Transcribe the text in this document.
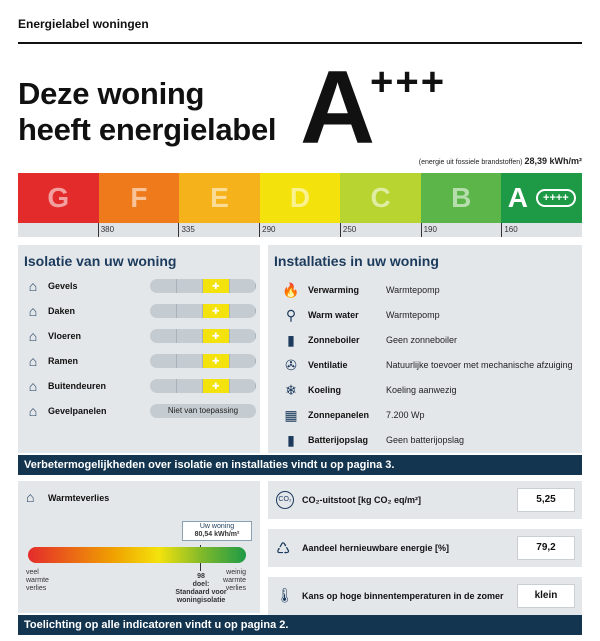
Energielabel woningen
Deze woning
heeft energielabel A
+++
(energie uit fossiele brandstoffen) 28,39 kWh/m²
G F E D C B A	++++
380	335	290	250	190	160
Isolatie van uw woning
⌂	Gevels	✚
⌂	Daken	✚
⌂	Vloeren	✚
⌂	Ramen	✚
⌂	Buitendeuren	✚
⌂	Gevelpanelen	Niet van toepassing
Installaties in uw woning
🔥 Verwarming	Warmtepomp
⚲	Warm water	Warmtepomp
▮	Zonneboiler	Geen zonneboiler
✇	Ventilatie	Natuurlijke toevoer met mechanische afzuiging
❄	Koeling	Koeling aanwezig
▦ Zonnepanelen	7.200 Wp
▮	Batterijopslag	Geen batterijopslag
Verbetermogelijkheden over isolatie en installaties vindt u op pagina 3.
⌂ Warmteverlies
Uw woning
80,54 kWh/m²
veel
warmte
verlies
weinig
warmte
verlies
98
doel:
Standaard voor
woningisolatie
CO₂ CO₂-uitstoot [kg CO₂ eq/m²]	5,25
♺ Aandeel hernieuwbare energie [%]	79,2
🌡 Kans op hoge binnentemperaturen in de zomer	klein
Toelichting op alle indicatoren vindt u op pagina 2.
